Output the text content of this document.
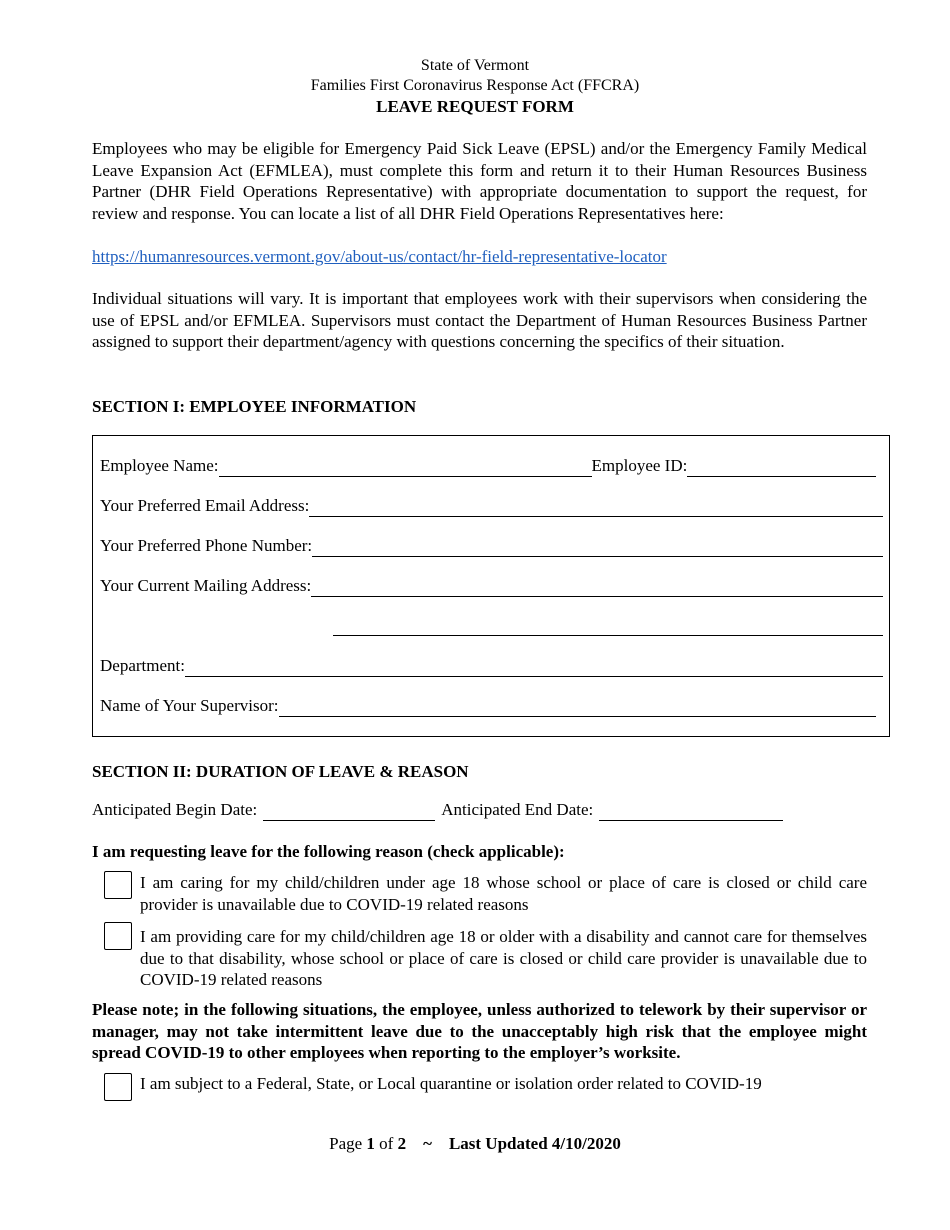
State of Vermont
Families First Coronavirus Response Act (FFCRA)
LEAVE REQUEST FORM
Employees who may be eligible for Emergency Paid Sick Leave (EPSL) and/or the Emergency Family Medical Leave Expansion Act (EFMLEA), must complete this form and return it to their Human Resources Business Partner (DHR Field Operations Representative) with appropriate documentation to support the request, for review and response. You can locate a list of all DHR Field Operations Representatives here:
https://humanresources.vermont.gov/about-us/contact/hr-field-representative-locator
Individual situations will vary. It is important that employees work with their supervisors when considering the use of EPSL and/or EFMLEA. Supervisors must contact the Department of Human Resources Business Partner assigned to support their department/agency with questions concerning the specifics of their situation.
SECTION I: EMPLOYEE INFORMATION
Employee Name:	Employee ID:
Your Preferred Email Address:
Your Preferred Phone Number:
Your Current Mailing Address:
Department:
Name of Your Supervisor:
SECTION II: DURATION OF LEAVE & REASON
Anticipated Begin Date:	Anticipated End Date:
I am requesting leave for the following reason (check applicable):
I am caring for my child/children under age 18 whose school or place of care is closed or child care provider is unavailable due to COVID-19 related reasons
I am providing care for my child/children age 18 or older with a disability and cannot care for themselves due to that disability, whose school or place of care is closed or child care provider is unavailable due to COVID-19 related reasons
Please note; in the following situations, the employee, unless authorized to telework by their supervisor or manager, may not take intermittent leave due to the unacceptably high risk that the employee might spread COVID-19 to other employees when reporting to the employer’s worksite.
I am subject to a Federal, State, or Local quarantine or isolation order related to COVID-19
Page 1 of 2 ~ Last Updated 4/10/2020
